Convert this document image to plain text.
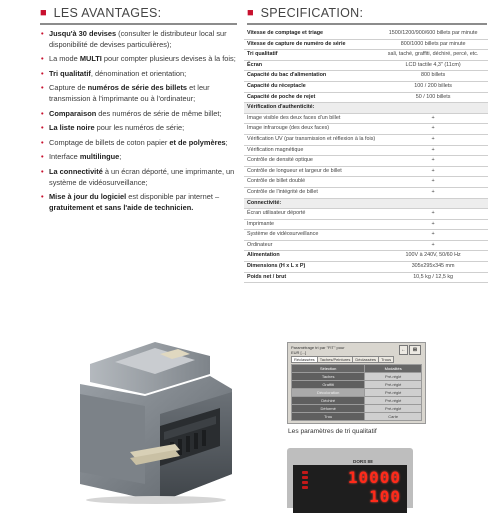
■ LES AVANTAGES:	■ SPECIFICATION:
• Jusqu'à 30 devises (consulter le distributeur local sur disponibilité de devises particulières);
• La mode MULTI pour compter plusieurs devises à la fois;
• Tri qualitatif, dénomination et orientation;
• Capture de numéros de série des billets et leur transmission à l'imprimante ou à l'ordinateur;
• Comparaison des numéros de série de même billet;
• La liste noire pour les numéros de série;
• Comptage de billets de coton papier et de polymères;
• Interface multilingue;
• La connectivité à un écran déporté, une imprimante, un système de vidéosurveillance;
• Mise à jour du logiciel est disponible par internet – gratuitement et sans l'aide de technicien.
Vitesse de comptage et triage	1500/1200/900/600 billets par minute
Vitesse de capture de numéro de série	800/1000 billets par minute
Tri qualitatif	sali, taché, graffiti, déchiré, percé, etc.
Écran	LCD tactile 4,3" (11cm)
Capacité du bac d'alimentation	800 billets
Capacité du réceptacle	100 / 200 billets
Capacité de poche de rejet	50 / 100 billets
Vérification d'authenticité:	
Image visible des deux faces d'un billet	+
Image infrarouge (des deux faces)	+
Vérification UV (par transmission et réflexion à la fois)	+
Vérification magnétique	+
Contrôle de densité optique	+
Contrôle de longueur et largeur de billet	+
Contrôle de billet doublé	+
Contrôle de l'intégrité de billet	+
Connectivité:	
Écran utilisateur déporté	+
Imprimante	+
Système de vidéosurveillance	+
Ordinateur	+
Alimentation	100V à 240V, 50/60 Hz
Dimensions (H x L x P)	305x295x345 mm
Poids net / brut	10,5 kg / 12,5 kg
Paramétrage tri par "FIT" pour
EUR [...]	←	⊞
Réclassées	Taches/Peintures	Déclassées	Trous
Sélection	Modalités
Taches	Pré-réglé
Graffiti	Pré-réglé
Décoloration	Pré-réglé
Déchiré	Pré-réglé
Déformé	Pré-réglé
Trou	Carte
Les paramètres de tri qualitatif
DORS 88
10000
100
